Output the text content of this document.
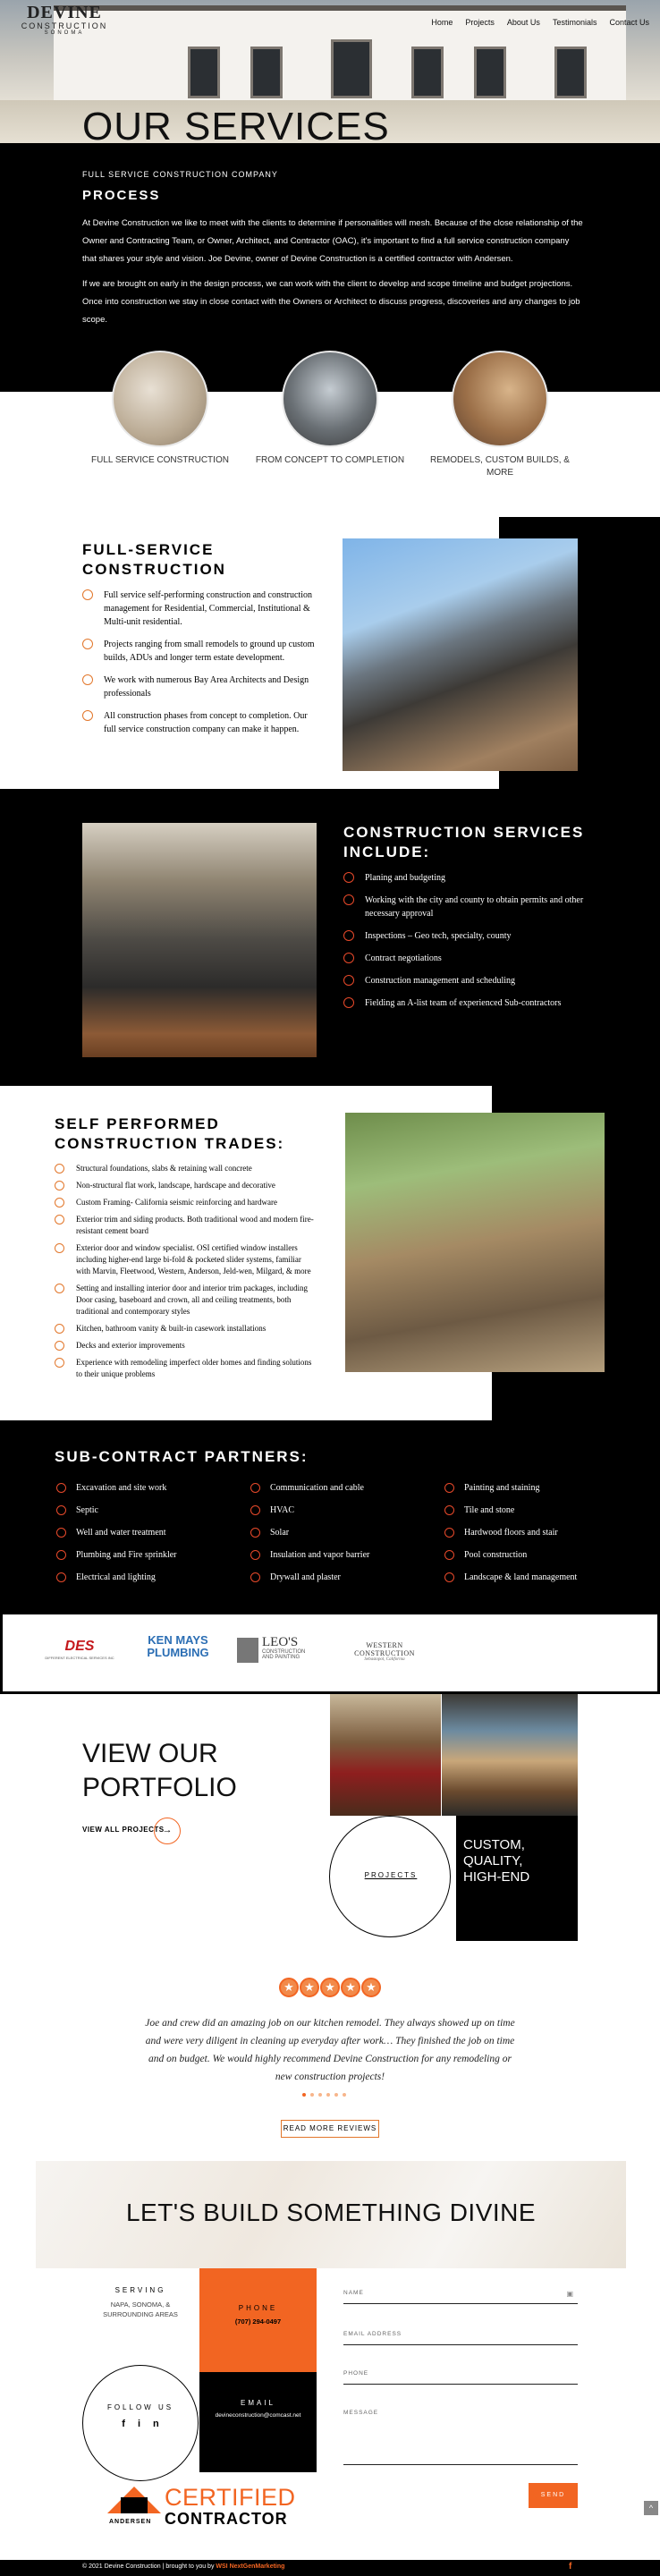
DEVINE
CONSTRUCTION
SONOMA
Home Projects About Us Testimonials Contact Us
OUR SERVICES
FULL SERVICE CONSTRUCTION COMPANY
PROCESS

At Devine Construction we like to meet with the clients to determine if personalities will mesh. Because of the close relationship of the Owner and Contracting Team, or Owner, Architect, and Contractor (OAC), it's important to find a full service construction company that shares your style and vision. Joe Devine, owner of Devine Construction is a certified contractor with Andersen.

If we are brought on early in the design process, we can work with the client to develop and scope timeline and budget projections. Once into construction we stay in close contact with the Owners or Architect to discuss progress, discoveries and any changes to job scope.

FULL SERVICE CONSTRUCTION	FROM CONCEPT TO COMPLETION	REMODELS, CUSTOM BUILDS, & MORE
FULL-SERVICE
CONSTRUCTION
Full service self-performing construction and construction management for Residential, Commercial, Institutional & Multi-unit residential.
Projects ranging from small remodels to ground up custom builds, ADUs and longer term estate development.
We work with numerous Bay Area Architects and Design professionals
All construction phases from concept to completion. Our full service construction company can make it happen.
CONSTRUCTION SERVICES
INCLUDE:
Planing and budgeting
Working with the city and county to obtain permits and other necessary approval
Inspections – Geo tech, specialty, county
Contract negotiations
Construction management and scheduling
Fielding an A-list team of experienced Sub-contractors
SELF PERFORMED
CONSTRUCTION TRADES:
Structural foundations, slabs & retaining wall concrete
Non-structural flat work, landscape, hardscape and decorative
Custom Framing- California seismic reinforcing and hardware
Exterior trim and siding products. Both traditional wood and modern fire-resistant cement board
Exterior door and window specialist. OSI certified window installers including higher-end large bi-fold & pocketed slider systems, familiar with Marvin, Fleetwood, Western, Anderson, Jeld-wen, Milgard, & more
Setting and installing interior door and interior trim packages, including Door casing, baseboard and crown, all and ceiling treatments, both traditional and contemporary styles
Kitchen, bathroom vanity & built-in casework installations
Decks and exterior improvements
Experience with remodeling imperfect older homes and finding solutions to their unique problems
SUB-CONTRACT PARTNERS:
Excavation and site work
Septic
Well and water treatment
Plumbing and Fire sprinkler
Electrical and lighting
Communication and cable
HVAC
Solar
Insulation and vapor barrier
Drywall and plaster
Painting and staining
Tile and stone
Hardwood floors and stair
Pool construction
Landscape & land management
DES
DIFFERENT ELECTRICAL SERVICES INC
KEN MAYS
PLUMBING
LEO'S
CONSTRUCTION
AND PAINTING
WESTERN CONSTRUCTION
Sebastopol, California
CUSTOM,
QUALITY,
HIGH-END
PROJECTS
VIEW OUR
PORTFOLIO
VIEW ALL PROJECTS
→
★ ★ ★ ★ ★
Joe and crew did an amazing job on our kitchen remodel. They always showed up on time and were very diligent in cleaning up everyday after work… They finished the job on time and on budget. We would highly recommend Devine Construction for any remodeling or new construction projects!
READ MORE REVIEWS
LET'S BUILD SOMETHING DIVINE
SERVING
NAPA, SONOMA, &
SURROUNDING AREAS
PHONE
(707) 294-0497
FOLLOW US
fin
EMAIL
devineconstruction@comcast.net
NAME	▣
EMAIL ADDRESS
PHONE
MESSAGE
SEND
ANDERSEN
CERTIFIED
CONTRACTOR
^
© 2021 Devine Construction | brought to you by WSI NextGenMarketing	f
